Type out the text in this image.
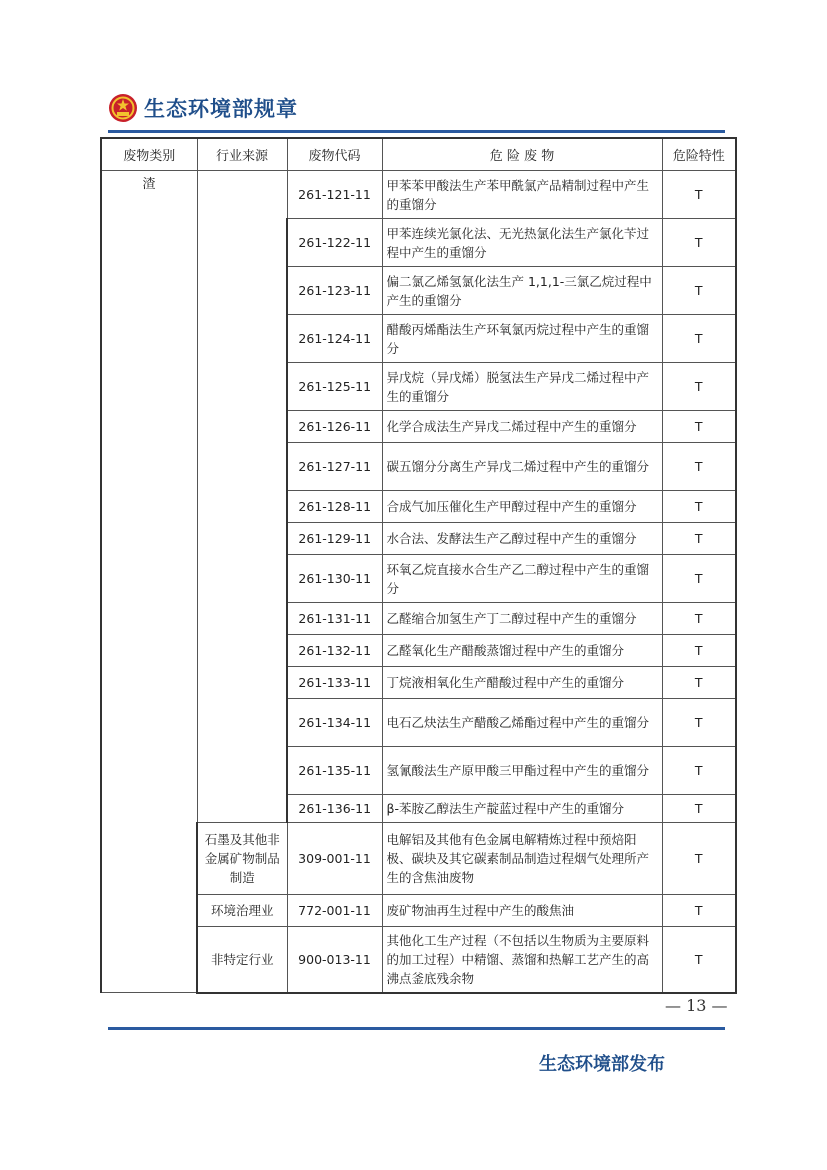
生态环境部规章
废物类别	行业来源	废物代码	危 险 废 物	危险特性
渣		261-121-11	甲苯苯甲酸法生产苯甲酰氯产品精制过程中产生的重馏分	T
		261-122-11	甲苯连续光氯化法、无光热氯化法生产氯化苄过程中产生的重馏分	T
		261-123-11	偏二氯乙烯氢氯化法生产 1,1,1-三氯乙烷过程中产生的重馏分	T
		261-124-11	醋酸丙烯酯法生产环氧氯丙烷过程中产生的重馏分	T
		261-125-11	异戊烷（异戊烯）脱氢法生产异戊二烯过程中产生的重馏分	T
		261-126-11	化学合成法生产异戊二烯过程中产生的重馏分	T
		261-127-11	碳五馏分分离生产异戊二烯过程中产生的重馏分	T
		261-128-11	合成气加压催化生产甲醇过程中产生的重馏分	T
		261-129-11	水合法、发酵法生产乙醇过程中产生的重馏分	T
		261-130-11	环氧乙烷直接水合生产乙二醇过程中产生的重馏分	T
		261-131-11	乙醛缩合加氢生产丁二醇过程中产生的重馏分	T
		261-132-11	乙醛氧化生产醋酸蒸馏过程中产生的重馏分	T
		261-133-11	丁烷液相氧化生产醋酸过程中产生的重馏分	T
		261-134-11	电石乙炔法生产醋酸乙烯酯过程中产生的重馏分	T
		261-135-11	氢氰酸法生产原甲酸三甲酯过程中产生的重馏分	T
		261-136-11	β-苯胺乙醇法生产靛蓝过程中产生的重馏分	T
	石墨及其他非金属矿物制品制造	309-001-11	电解铝及其他有色金属电解精炼过程中预焙阳极、碳块及其它碳素制品制造过程烟气处理所产生的含焦油废物	T
	环境治理业	772-001-11	废矿物油再生过程中产生的酸焦油	T
	非特定行业	900-013-11	其他化工生产过程（不包括以生物质为主要原料的加工过程）中精馏、蒸馏和热解工艺产生的高沸点釜底残余物	T
— 13 —
生态环境部发布
